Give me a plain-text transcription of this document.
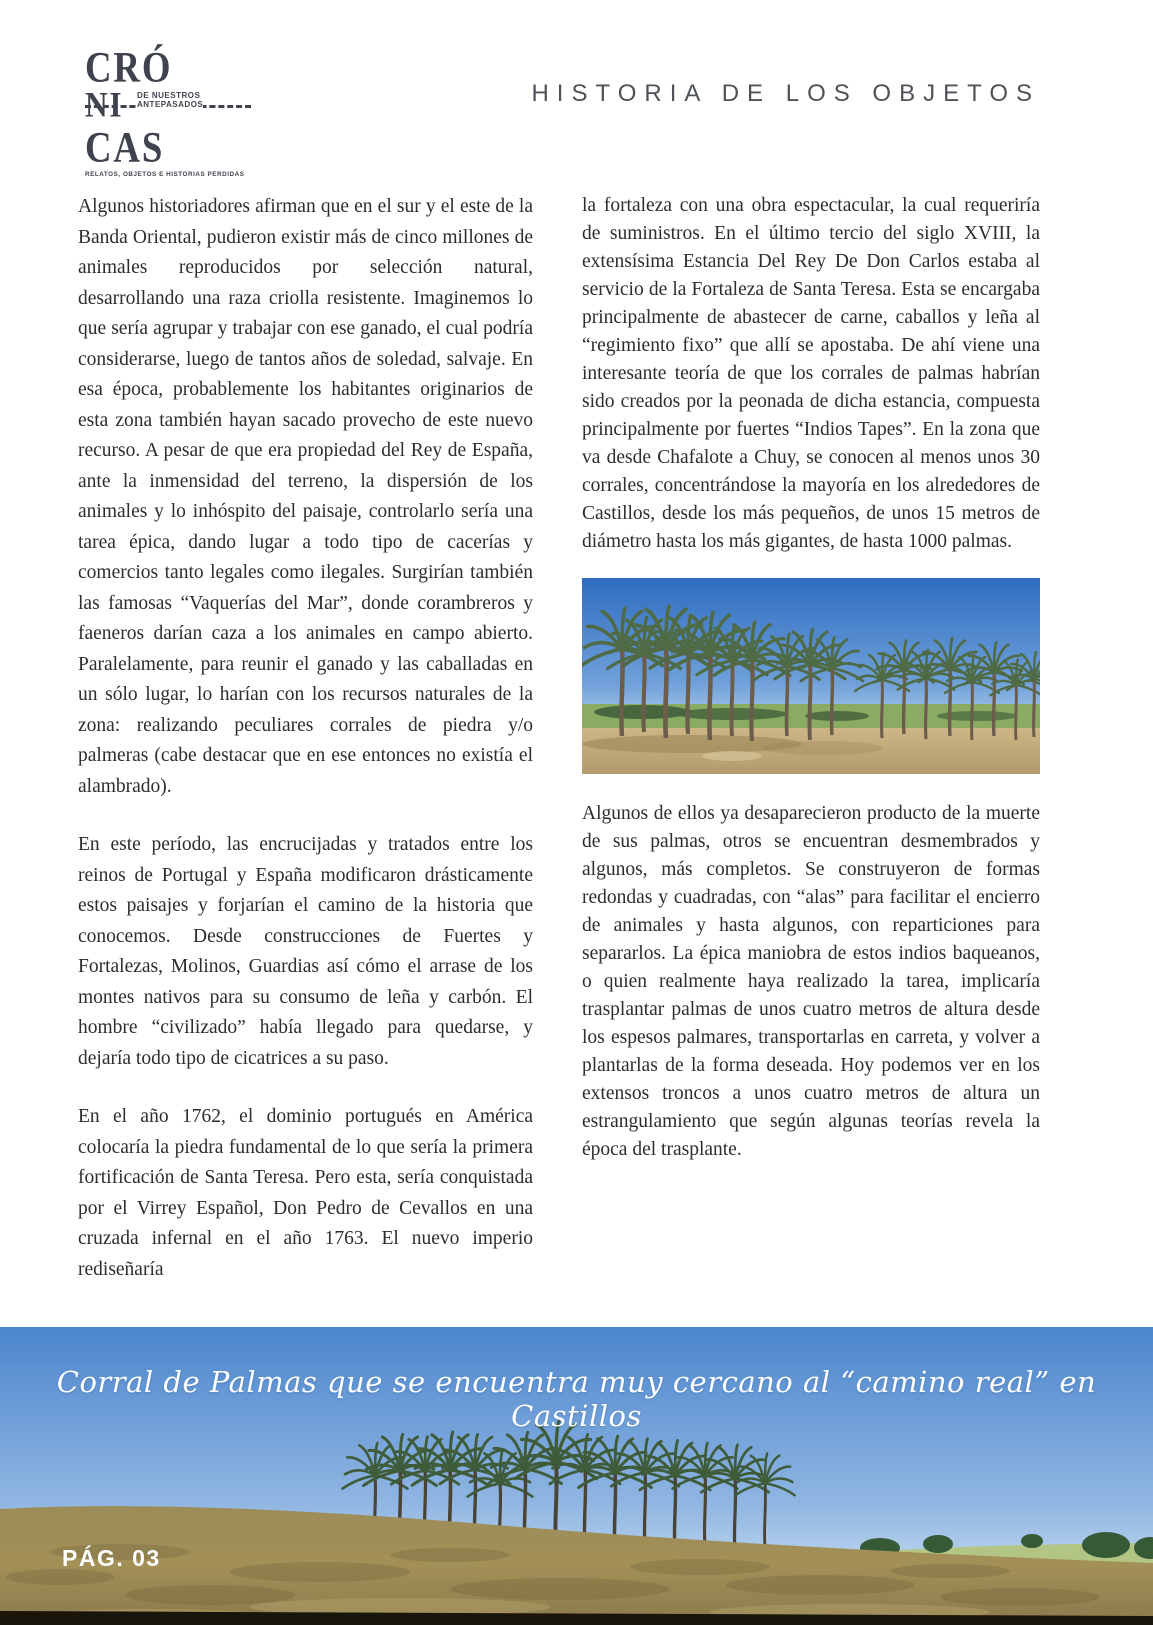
CRÓ
NI DE NUESTROS
ANTEPASADOS
CAS
RELATOS, OBJETOS E HISTORIAS PERDIDAS
HISTORIA DE LOS OBJETOS

Algunos historiadores afirman que en el sur y el este de la Banda Oriental, pudieron existir más de cinco millones de animales reproducidos por selección natural, desarrollando una raza criolla resistente. Imaginemos lo que sería agrupar y trabajar con ese ganado, el cual podría considerarse, luego de tantos años de soledad, salvaje. En esa época, probablemente los habitantes originarios de esta zona también hayan sacado provecho de este nuevo recurso. A pesar de que era propiedad del Rey de España, ante la inmensidad del terreno, la dispersión de los animales y lo inhóspito del paisaje, controlarlo sería una tarea épica, dando lugar a todo tipo de cacerías y comercios tanto legales como ilegales. Surgirían también las famosas “Vaquerías del Mar”, donde corambreros y faeneros darían caza a los animales en campo abierto. Paralelamente, para reunir el ganado y las caballadas en un sólo lugar, lo harían con los recursos naturales de la zona: realizando peculiares corrales de piedra y/o palmeras (cabe destacar que en ese entonces no existía el alambrado).

En este período, las encrucijadas y tratados entre los reinos de Portugal y España modificaron drásticamente estos paisajes y forjarían el camino de la historia que conocemos. Desde construcciones de Fuertes y Fortalezas, Molinos, Guardias así cómo el arrase de los montes nativos para su consumo de leña y carbón. El hombre “civilizado” había llegado para quedarse, y dejaría todo tipo de cicatrices a su paso.

En el año 1762, el dominio portugués en América colocaría la piedra fundamental de lo que sería la primera fortificación de Santa Teresa. Pero esta, sería conquistada por el Virrey Español, Don Pedro de Cevallos en una cruzada infernal en el año 1763. El nuevo imperio rediseñaría

la fortaleza con una obra espectacular, la cual requeriría de suministros. En el último tercio del siglo XVIII, la extensísima Estancia Del Rey De Don Carlos estaba al servicio de la Fortaleza de Santa Teresa. Esta se encargaba principalmente de abastecer de carne, caballos y leña al “regimiento fixo” que allí se apostaba. De ahí viene una interesante teoría de que los corrales de palmas habrían sido creados por la peonada de dicha estancia, compuesta principalmente por fuertes “Indios Tapes”. En la zona que va desde Chafalote a Chuy, se conocen al menos unos 30 corrales, concentrándose la mayoría en los alrededores de Castillos, desde los más pequeños, de unos 15 metros de diámetro hasta los más gigantes, de hasta 1000 palmas.

Algunos de ellos ya desaparecieron producto de la muerte de sus palmas, otros se encuentran desmembrados y algunos, más completos. Se construyeron de formas redondas y cuadradas, con “alas” para facilitar el encierro de animales y hasta algunos, con reparticiones para separarlos. La épica maniobra de estos indios baqueanos, o quien realmente haya realizado la tarea, implicaría trasplantar palmas de unos cuatro metros de altura desde los espesos palmares, transportarlas en carreta, y volver a plantarlas de la forma deseada. Hoy podemos ver en los extensos troncos a unos cuatro metros de altura un estrangulamiento que según algunas teorías revela la época del trasplante.

Corral de Palmas que se encuentra muy cercano al “camino real” en Castillos
PÁG. 03
